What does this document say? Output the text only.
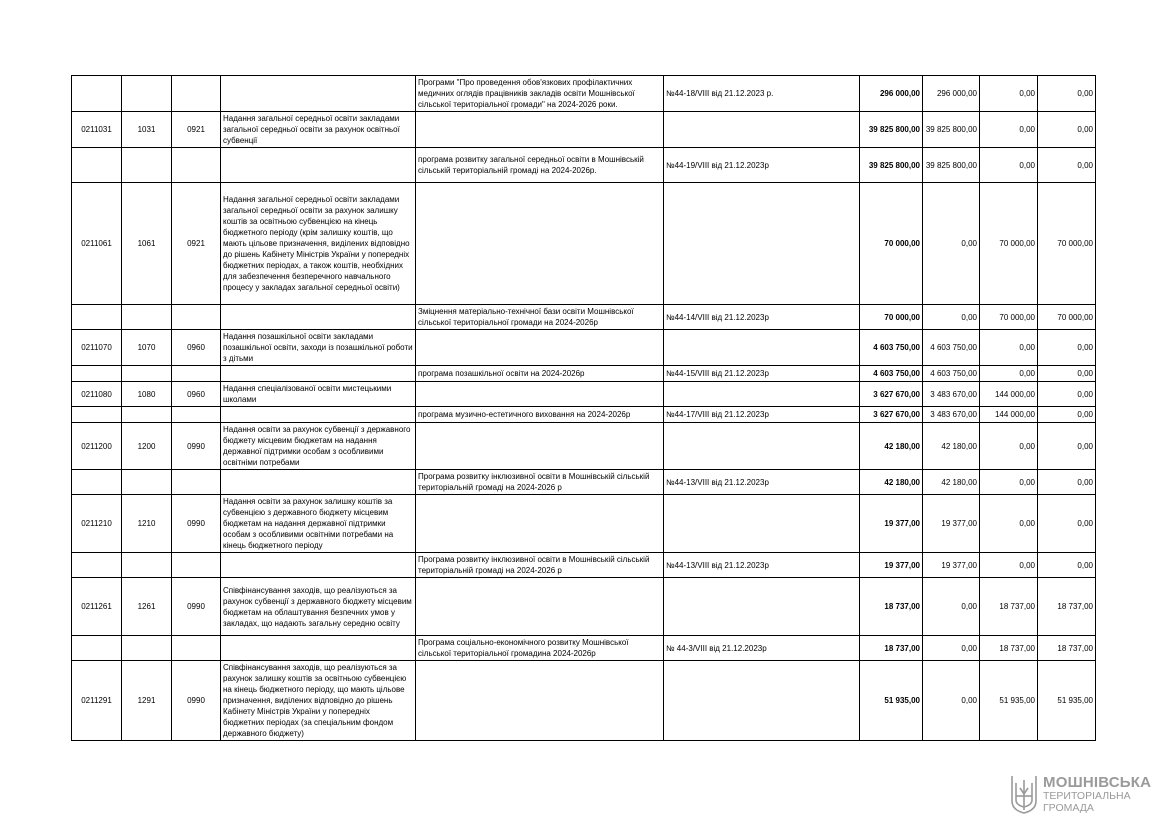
				Програми "Про проведення обов'язкових профілактичних медичних оглядів працівників закладів освіти Мошнівської сільської територіальної громади" на 2024-2026 роки.	№44-18/VIII від 21.12.2023 р.	296 000,00	296 000,00	0,00	0,00
0211031	1031	0921	Надання загальної середньої освіти закладами загальної середньої освіти за рахунок освітньої субвенції			39 825 800,00	39 825 800,00	0,00	0,00
				програма розвитку загальної середньої освіти в Мошнівській сільській територіальній громаді на 2024-2026р.	№44-19/VIII від 21.12.2023р	39 825 800,00	39 825 800,00	0,00	0,00
0211061	1061	0921	Надання загальної середньої освіти закладами загальної середньої освіти за рахунок залишку коштів за освітньою субвенцією на кінець бюджетного періоду (крім залишку коштів, що мають цільове призначення, виділених відповідно до рішень Кабінету Міністрів України у попередніх бюджетних періодах, а також коштів, необхідних для забезпечення безперечного навчального процесу у закладах загальної середньої освіти)			70 000,00	0,00	70 000,00	70 000,00
				Зміцнення матеріально-технічної бази освіти Мошнівської сільської територіальної громади на 2024-2026р	№44-14/VIII від 21.12.2023р	70 000,00	0,00	70 000,00	70 000,00
0211070	1070	0960	Надання позашкільної освіти закладами позашкільної освіти, заходи із позашкільної роботи з дітьми			4 603 750,00	4 603 750,00	0,00	0,00
				програма позашкільної освіти на 2024-2026р	№44-15/VIII від 21.12.2023р	4 603 750,00	4 603 750,00	0,00	0,00
0211080	1080	0960	Надання спеціалізованої освіти мистецькими школами			3 627 670,00	3 483 670,00	144 000,00	0,00
				програма музично-естетичного виховання на 2024-2026р	№44-17/VIII від 21.12.2023р	3 627 670,00	3 483 670,00	144 000,00	0,00
0211200	1200	0990	Надання освіти за рахунок субвенції з державного бюджету місцевим бюджетам на надання державної підтримки особам з особливими освітніми потребами			42 180,00	42 180,00	0,00	0,00
				Програма розвитку інклюзивної освіти в Мошнівській сільській територіальній громаді на 2024-2026 р	№44-13/VIII від 21.12.2023р	42 180,00	42 180,00	0,00	0,00
0211210	1210	0990	Надання освіти за рахунок залишку коштів за субвенцією з державного бюджету місцевим бюджетам на надання державної підтримки особам з особливими освітніми потребами на кінець бюджетного періоду			19 377,00	19 377,00	0,00	0,00
				Програма розвитку інклюзивної освіти в Мошнівській сільській територіальній громаді на 2024-2026 р	№44-13/VIII від 21.12.2023р	19 377,00	19 377,00	0,00	0,00
0211261	1261	0990	Співфінансування заходів, що реалізуються за рахунок субвенції з державного бюджету місцевим бюджетам на облаштування безпечних умов у закладах, що надають загальну середню освіту			18 737,00	0,00	18 737,00	18 737,00
				Програма соціально-економічного розвитку Мошнівської сільської територіальної громадина 2024-2026р	№ 44-3/VIII від 21.12.2023р	18 737,00	0,00	18 737,00	18 737,00
0211291	1291	0990	Співфінансування заходів, що реалізуються за рахунок залишку коштів за освітньою субвенцією на кінець бюджетного періоду, що мають цільове призначення, виділених відповідно до рішень Кабінету Міністрів України у попередніх бюджетних періодах (за спеціальним фондом державного бюджету)			51 935,00	0,00	51 935,00	51 935,00
МОШНІВСЬКА
ТЕРИТОРІАЛЬНА
ГРОМАДА
